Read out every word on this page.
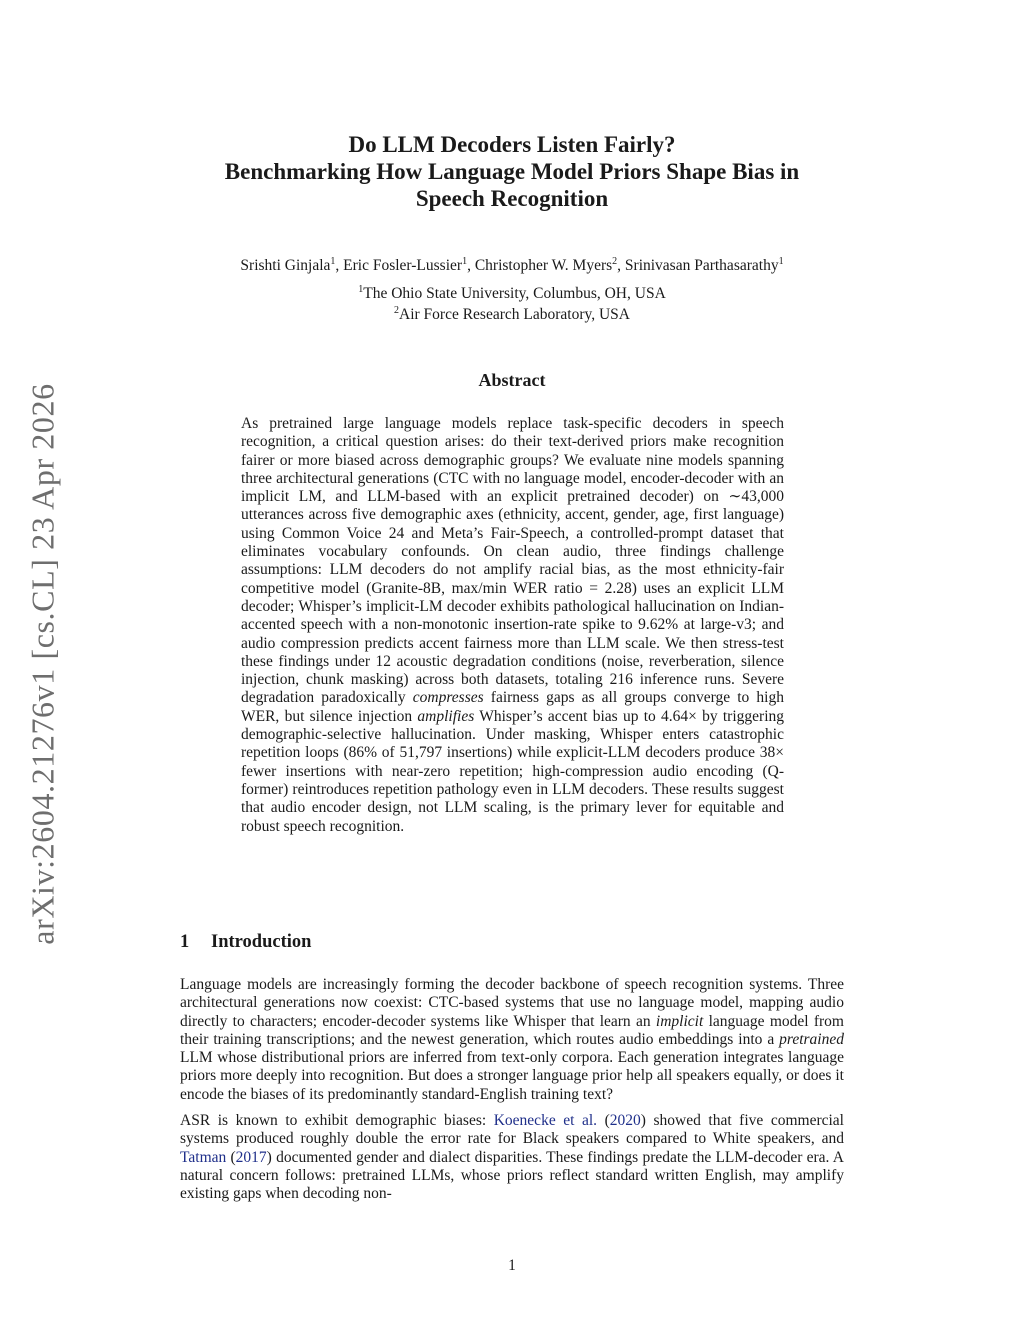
arXiv:2604.21276v1 [cs.CL] 23 Apr 2026
Do LLM Decoders Listen Fairly?
Benchmarking How Language Model Priors Shape Bias in
Speech Recognition
Srishti Ginjala$^1$, Eric Fosler-Lussier$^1$, Christopher W. Myers$^2$, Srinivasan Parthasarathy$^1$
$^1$The Ohio State University, Columbus, OH, USA
$^2$Air Force Research Laboratory, USA
Abstract
As pretrained large language models replace task-specific decoders in speech recognition, a critical question arises: do their text-derived priors make recognition fairer or more biased across demographic groups? We evaluate nine models spanning three architectural generations (CTC with no language model, encoder-decoder with an implicit LM, and LLM-based with an explicit pretrained decoder) on ∼43,000 utterances across five demographic axes (ethnicity, accent, gender, age, first language) using Common Voice 24 and Meta’s Fair-Speech, a controlled-prompt dataset that eliminates vocabulary confounds. On clean audio, three findings challenge assumptions: LLM decoders do not amplify racial bias, as the most ethnicity-fair competitive model (Granite-8B, max/min WER ratio = 2.28) uses an explicit LLM decoder; Whisper’s implicit-LM decoder exhibits pathological hallucination on Indian-accented speech with a non-monotonic insertion-rate spike to 9.62% at large-v3; and audio compression predicts accent fairness more than LLM scale. We then stress-test these findings under 12 acoustic degradation conditions (noise, reverberation, silence injection, chunk masking) across both datasets, totaling 216 inference runs. Severe degradation paradoxically compresses fairness gaps as all groups converge to high WER, but silence injection amplifies Whisper’s accent bias up to 4.64× by triggering demographic-selective hallucination. Under masking, Whisper enters catastrophic repetition loops (86% of 51,797 insertions) while explicit-LLM decoders produce 38× fewer insertions with near-zero repetition; high-compression audio encoding (Q-former) reintroduces repetition pathology even in LLM decoders. These results suggest that audio encoder design, not LLM scaling, is the primary lever for equitable and robust speech recognition.
1 Introduction

Language models are increasingly forming the decoder backbone of speech recognition systems. Three architectural generations now coexist: CTC-based systems that use no language model, mapping audio directly to characters; encoder-decoder systems like Whisper that learn an implicit language model from their training transcriptions; and the newest generation, which routes audio embeddings into a pretrained LLM whose distributional priors are inferred from text-only corpora. Each generation integrates language priors more deeply into recognition. But does a stronger language prior help all speakers equally, or does it encode the biases of its predominantly standard-English training text?

ASR is known to exhibit demographic biases: Koenecke et al. (2020) showed that five commercial systems produced roughly double the error rate for Black speakers compared to White speakers, and Tatman (2017) documented gender and dialect disparities. These findings predate the LLM-decoder era. A natural concern follows: pretrained LLMs, whose priors reflect standard written English, may amplify existing gaps when decoding non-

1
